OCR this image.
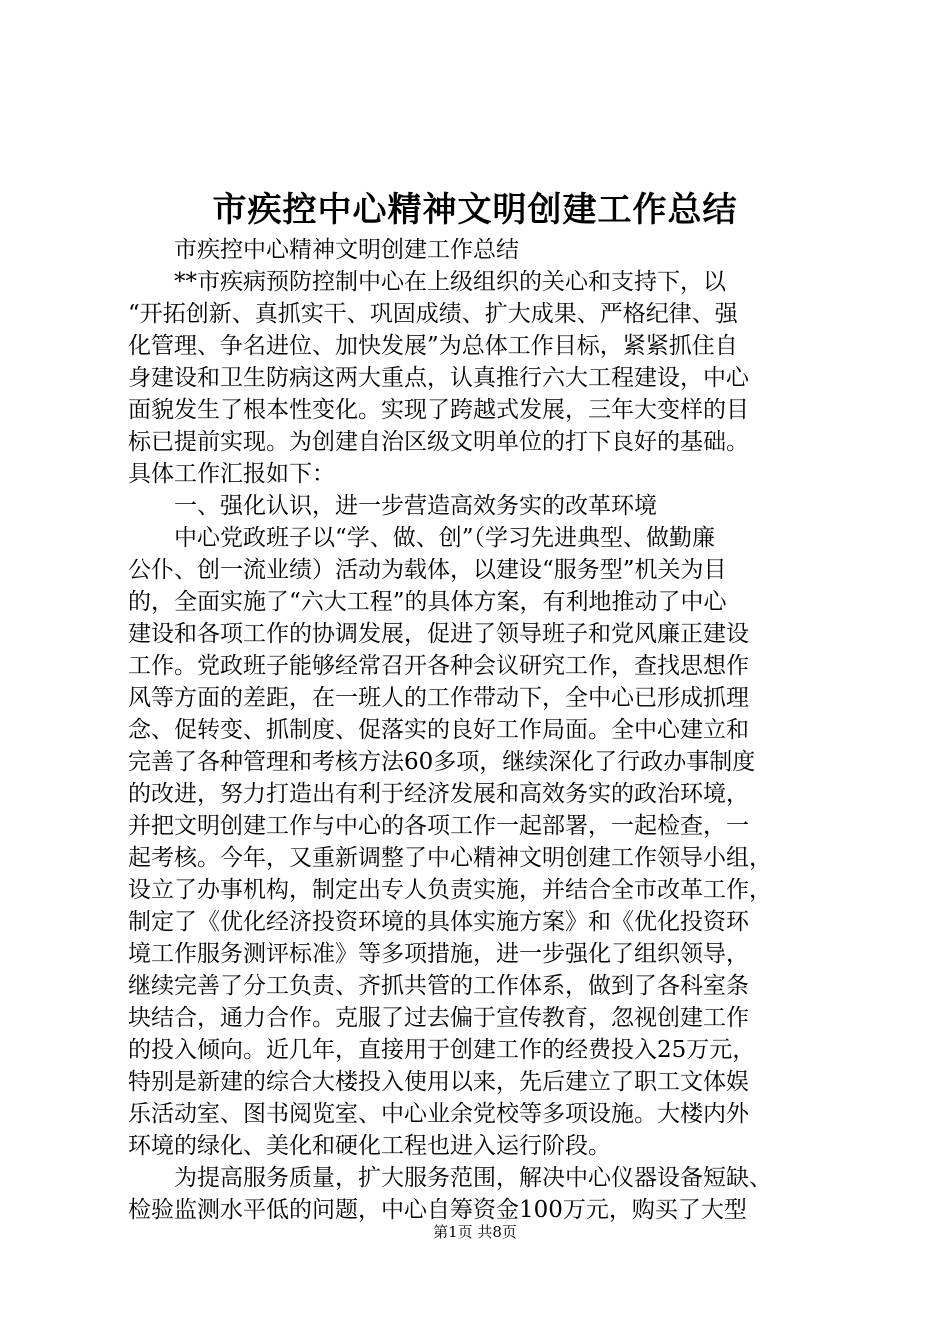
市疾控中心精神文明创建工作总结
　　市疾控中心精神文明创建工作总结
　　**市疾病预防控制中心在上级组织的关心和支持下，以
“开拓创新、真抓实干、巩固成绩、扩大成果、严格纪律、强
化管理、争名进位、加快发展”为总体工作目标，紧紧抓住自
身建设和卫生防病这两大重点，认真推行六大工程建设，中心
面貌发生了根本性变化。实现了跨越式发展，三年大变样的目
标已提前实现。为创建自治区级文明单位的打下良好的基础。
具体工作汇报如下：
　　一、强化认识，进一步营造高效务实的改革环境
　　中心党政班子以“学、做、创”（学习先进典型、做勤廉
公仆、创一流业绩）活动为载体，以建设“服务型”机关为目
的，全面实施了“六大工程”的具体方案，有利地推动了中心
建设和各项工作的协调发展，促进了领导班子和党风廉正建设
工作。党政班子能够经常召开各种会议研究工作，查找思想作
风等方面的差距，在一班人的工作带动下，全中心已形成抓理
念、促转变、抓制度、促落实的良好工作局面。全中心建立和
完善了各种管理和考核方法60多项，继续深化了行政办事制度
的改进，努力打造出有利于经济发展和高效务实的政治环境，
并把文明创建工作与中心的各项工作一起部署，一起检查，一
起考核。今年，又重新调整了中心精神文明创建工作领导小组，
设立了办事机构，制定出专人负责实施，并结合全市改革工作，
制定了《优化经济投资环境的具体实施方案》和《优化投资环
境工作服务测评标准》等多项措施，进一步强化了组织领导，
继续完善了分工负责、齐抓共管的工作体系，做到了各科室条
块结合，通力合作。克服了过去偏于宣传教育，忽视创建工作
的投入倾向。近几年，直接用于创建工作的经费投入25万元，
特别是新建的综合大楼投入使用以来，先后建立了职工文体娱
乐活动室、图书阅览室、中心业余党校等多项设施。大楼内外
环境的绿化、美化和硬化工程也进入运行阶段。
　　为提高服务质量，扩大服务范围，解决中心仪器设备短缺、
检验监测水平低的问题，中心自筹资金100万元，购买了大型
第1页 共8页
